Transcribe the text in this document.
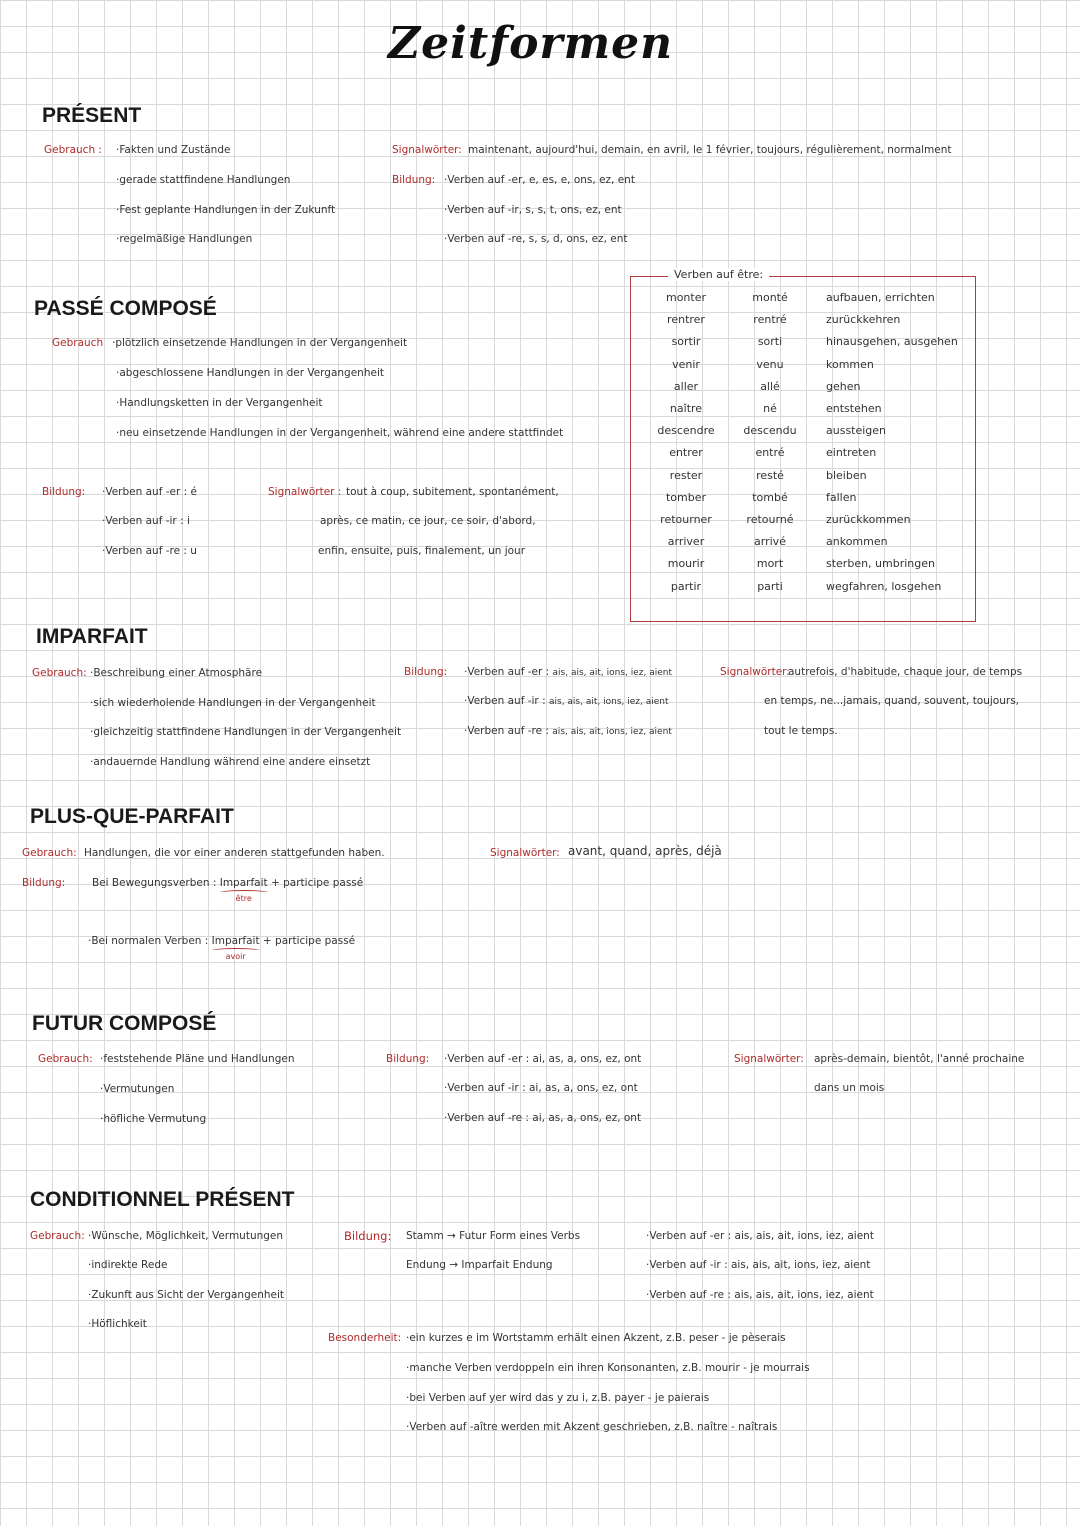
Zeitformen
PRÉSENT
Gebrauch : ·Fakten und Zustände
·gerade stattfindene Handlungen
·Fest geplante Handlungen in der Zukunft
·regelmäßige Handlungen
Signalwörter: maintenant, aujourd'hui, demain, en avril, le 1 février, toujours, régulièrement, normalment
Bildung: ·Verben auf -er, e, es, e, ons, ez, ent
·Verben auf -ir, s, s, t, ons, ez, ent
·Verben auf -re, s, s, d, ons, ez, ent
Verben auf être:
monter	monté	aufbauen, errichten
rentrer	rentré	zurückkehren
sortir	sorti	hinausgehen, ausgehen
venir	venu	kommen
aller	allé	gehen
naître	né	entstehen
descendre	descendu	aussteigen
entrer	entré	eintreten
rester	resté	bleiben
tomber	tombé	fallen
retourner	retourné	zurückkommen
arriver	arrivé	ankommen
mourir	mort	sterben, umbringen
partir	parti	wegfahren, losgehen
PASSÉ COMPOSÉ
Gebrauch ·plötzlich einsetzende Handlungen in der Vergangenheit
·abgeschlossene Handlungen in der Vergangenheit
·Handlungsketten in der Vergangenheit
·neu einsetzende Handlungen in der Vergangenheit, während eine andere stattfindet
Bildung: ·Verben auf -er : é
·Verben auf -ir : i
·Verben auf -re : u
Signalwörter : tout à coup, subitement, spontanément,
après, ce matin, ce jour, ce soir, d'abord,
enfin, ensuite, puis, finalement, un jour
IMPARFAIT
Gebrauch: ·Beschreibung einer Atmosphäre
·sich wiederholende Handlungen in der Vergangenheit
·gleichzeitig stattfindene Handlungen in der Vergangenheit
·andauernde Handlung während eine andere einsetzt
Bildung: ·Verben auf -er : ais, ais, ait, ions, iez, aient
·Verben auf -ir : ais, ais, ait, ions, iez, aient
·Verben auf -re : ais, ais, ait, ions, iez, aient
Signalwörter:
autrefois, d'habitude, chaque jour, de temps
en temps, ne...jamais, quand, souvent, toujours,
tout le temps.
PLUS-QUE-PARFAIT
Gebrauch: Handlungen, die vor einer anderen stattgefunden haben.	Signalwörter: avant, quand, après, déjà
Bildung:	Bei Bewegungsverben : Imparfait
être
+ participe passé
·Bei normalen Verben : Imparfait
avoir
+ participe passé
FUTUR COMPOSÉ
Gebrauch: ·feststehende Pläne und Handlungen
·Vermutungen
·höfliche Vermutung
Bildung: ·Verben auf -er : ai, as, a, ons, ez, ont
·Verben auf -ir : ai, as, a, ons, ez, ont
·Verben auf -re : ai, as, a, ons, ez, ont
Signalwörter: après-demain, bientôt, l'anné prochaine
dans un mois
CONDITIONNEL PRÉSENT
Gebrauch: ·Wünsche, Möglichkeit, Vermutungen
·indirekte Rede
·Zukunft aus Sicht der Vergangenheit
·Höflichkeit
Bildung: Stamm → Futur Form eines Verbs
Endung → Imparfait Endung
·Verben auf -er : ais, ais, ait, ions, iez, aient
·Verben auf -ir : ais, ais, ait, ions, iez, aient
·Verben auf -re : ais, ais, ait, ions, iez, aient
Besonderheit: ·ein kurzes e im Wortstamm erhält einen Akzent, z.B. peser - je pèserais
·manche Verben verdoppeln ein ihren Konsonanten, z.B. mourir - je mourrais
·bei Verben auf yer wird das y zu i, z.B. payer - je paierais
·Verben auf -aître werden mit Akzent geschrieben, z.B. naître - naîtrais
